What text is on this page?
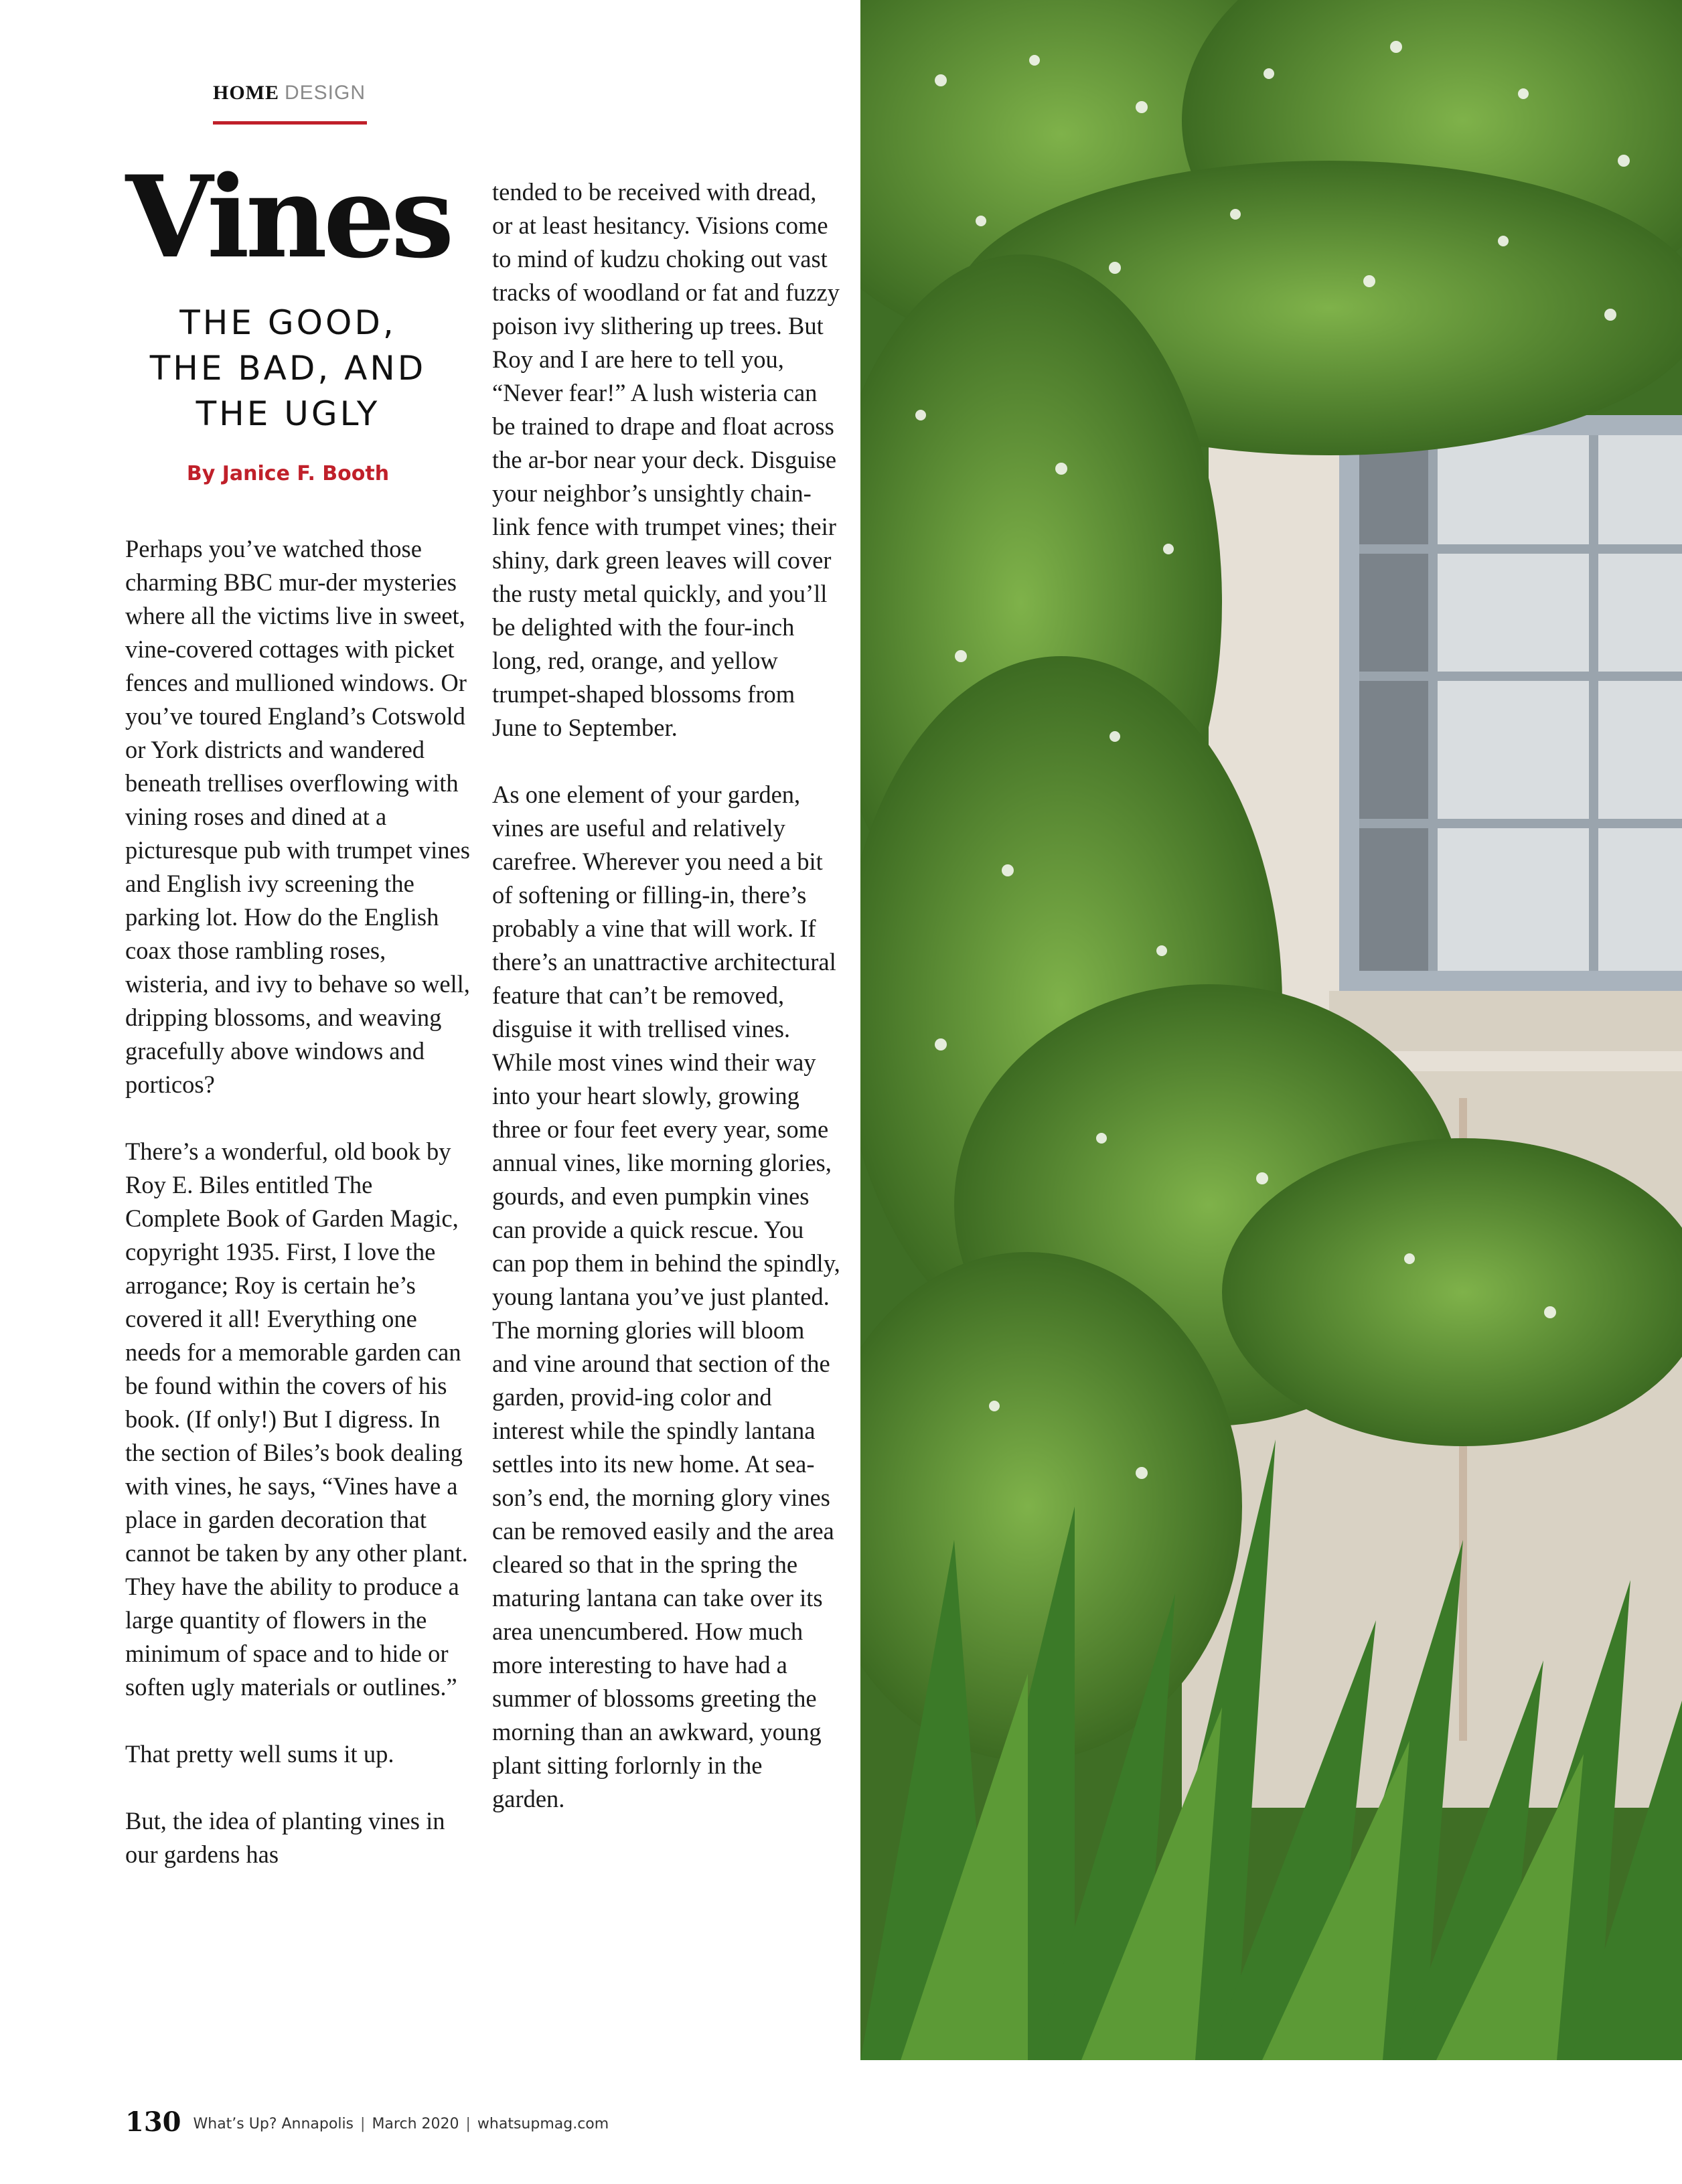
HOME DESIGN
Vines
THE GOOD,
THE BAD, AND
THE UGLY
By Janice F. Booth

Perhaps you’ve watched those charming BBC mur-der mysteries where all the victims live in sweet, vine-covered cottages with picket fences and mullioned windows. Or you’ve toured England’s Cotswold or York districts and wandered beneath trellises overflowing with vining roses and dined at a picturesque pub with trumpet vines and English ivy screening the parking lot. How do the English coax those rambling roses, wisteria, and ivy to behave so well, dripping blossoms, and weaving gracefully above windows and porticos?

There’s a wonderful, old book by Roy E. Biles entitled The Complete Book of Garden Magic, copyright 1935. First, I love the arrogance; Roy is certain he’s covered it all! Everything one needs for a memorable garden can be found within the covers of his book. (If only!) But I digress. In the section of Biles’s book dealing with vines, he says, “Vines have a place in garden decoration that cannot be taken by any other plant. They have the ability to produce a large quantity of flowers in the minimum of space and to hide or soften ugly materials or outlines.”

That pretty well sums it up.

But, the idea of planting vines in our gardens has

tended to be received with dread, or at least hesitancy. Visions come to mind of kudzu choking out vast tracks of woodland or fat and fuzzy poison ivy slithering up trees. But Roy and I are here to tell you, “Never fear!” A lush wisteria can be trained to drape and float across the ar-bor near your deck. Disguise your neighbor’s unsightly chain-link fence with trumpet vines; their shiny, dark green leaves will cover the rusty metal quickly, and you’ll be delighted with the four-inch long, red, orange, and yellow trumpet-shaped blossoms from June to September.

As one element of your garden, vines are useful and relatively carefree. Wherever you need a bit of softening or filling-in, there’s probably a vine that will work. If there’s an unattractive architectural feature that can’t be removed, disguise it with trellised vines. While most vines wind their way into your heart slowly, growing three or four feet every year, some annual vines, like morning glories, gourds, and even pumpkin vines can provide a quick rescue. You can pop them in behind the spindly, young lantana you’ve just planted. The morning glories will bloom and vine around that section of the garden, provid-ing color and interest while the spindly lantana settles into its new home. At sea-son’s end, the morning glory vines can be removed easily and the area cleared so that in the spring the maturing lantana can take over its area unencumbered. How much more interesting to have had a summer of blossoms greeting the morning than an awkward, young plant sitting forlornly in the garden.

130 What’s Up? Annapolis | March 2020 | whatsupmag.com
